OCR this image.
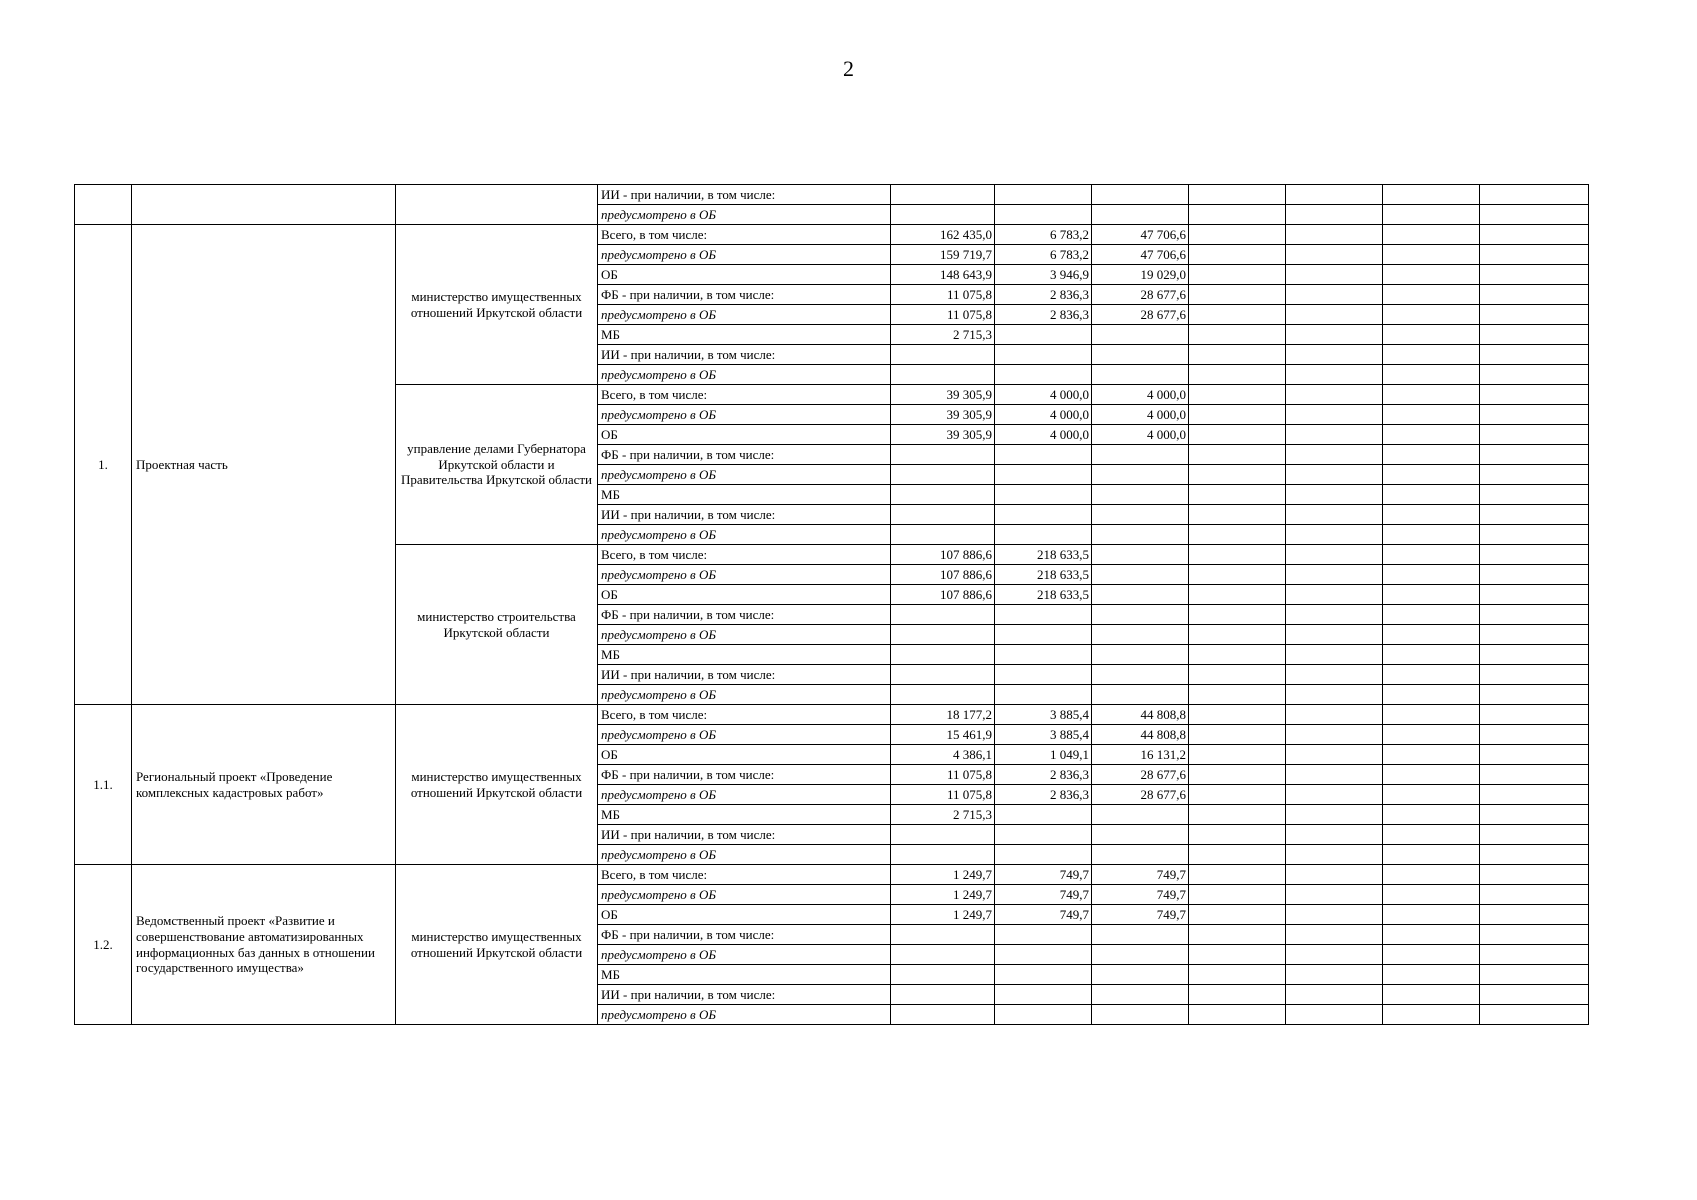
2
			ИИ - при наличии, в том числе:							
			предусмотрено в ОБ							
1.	Проектная часть	министерство имущественных отношений Иркутской области	Всего, в том числе:	162 435,0	6 783,2	47 706,6				
			предусмотрено в ОБ	159 719,7	6 783,2	47 706,6				
			ОБ	148 643,9	3 946,9	19 029,0				
			ФБ - при наличии, в том числе:	11 075,8	2 836,3	28 677,6				
			предусмотрено в ОБ	11 075,8	2 836,3	28 677,6				
			МБ	2 715,3						
			ИИ - при наличии, в том числе:							
			предусмотрено в ОБ							
		управление делами Губернатора Иркутской области и Правительства Иркутской области	Всего, в том числе:	39 305,9	4 000,0	4 000,0				
			предусмотрено в ОБ	39 305,9	4 000,0	4 000,0				
			ОБ	39 305,9	4 000,0	4 000,0				
			ФБ - при наличии, в том числе:							
			предусмотрено в ОБ							
			МБ							
			ИИ - при наличии, в том числе:							
			предусмотрено в ОБ							
		министерство строительства Иркутской области	Всего, в том числе:	107 886,6	218 633,5					
			предусмотрено в ОБ	107 886,6	218 633,5					
			ОБ	107 886,6	218 633,5					
			ФБ - при наличии, в том числе:							
			предусмотрено в ОБ							
			МБ							
			ИИ - при наличии, в том числе:							
			предусмотрено в ОБ							
1.1.	Региональный проект «Проведение комплексных кадастровых работ»	министерство имущественных отношений Иркутской области	Всего, в том числе:	18 177,2	3 885,4	44 808,8				
			предусмотрено в ОБ	15 461,9	3 885,4	44 808,8				
			ОБ	4 386,1	1 049,1	16 131,2				
			ФБ - при наличии, в том числе:	11 075,8	2 836,3	28 677,6				
			предусмотрено в ОБ	11 075,8	2 836,3	28 677,6				
			МБ	2 715,3						
			ИИ - при наличии, в том числе:							
			предусмотрено в ОБ							
1.2.	Ведомственный проект «Развитие и совершенствование автоматизированных информационных баз данных в отношении государственного имущества»	министерство имущественных отношений Иркутской области	Всего, в том числе:	1 249,7	749,7	749,7				
			предусмотрено в ОБ	1 249,7	749,7	749,7				
			ОБ	1 249,7	749,7	749,7				
			ФБ - при наличии, в том числе:							
			предусмотрено в ОБ							
			МБ							
			ИИ - при наличии, в том числе:							
			предусмотрено в ОБ							
